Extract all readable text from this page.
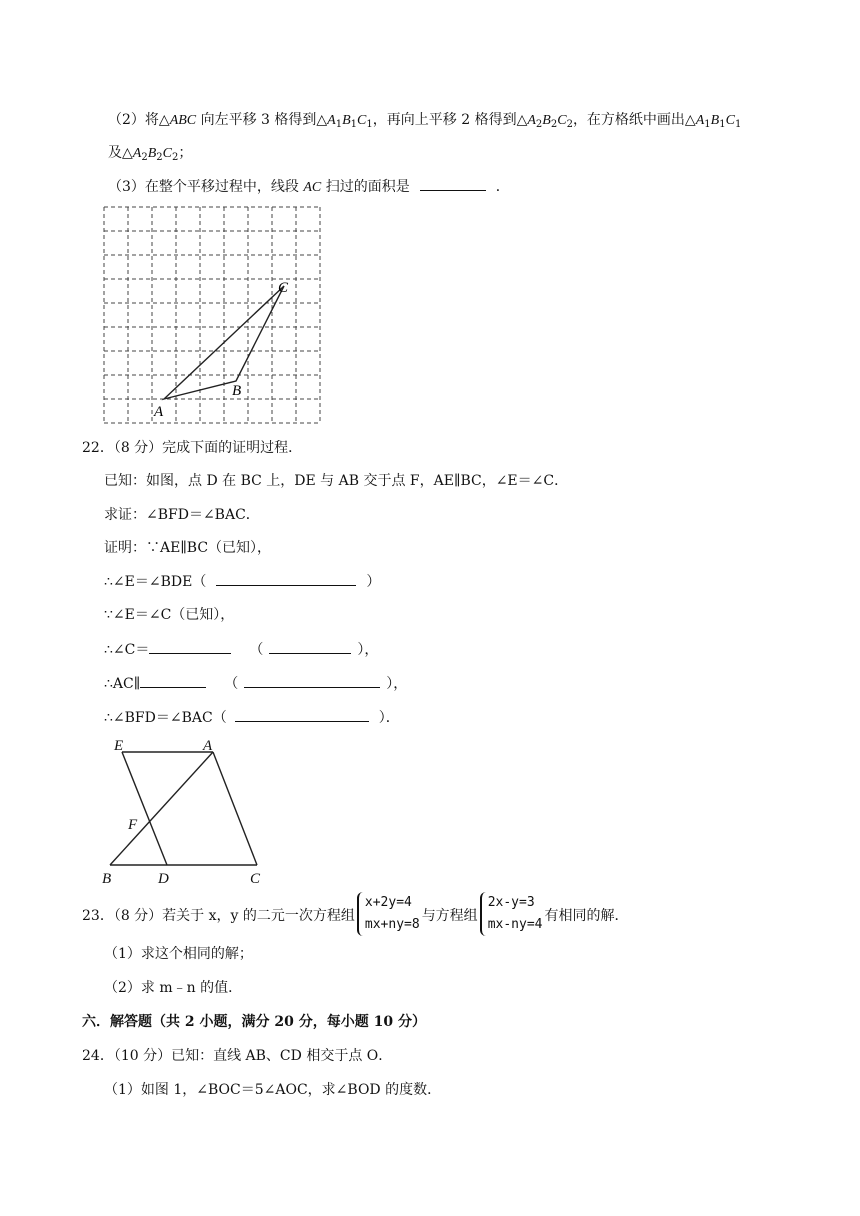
（2）将△ABC 向左平移 3 格得到$\triangle A_1B_1C_1$，再向上平移 2 格得到$\triangle A_2B_2C_2$，在方格纸中画出$\triangle A_1B_1C_1$
及$\triangle A_2B_2C_2$；
（3）在整个平移过程中，线段 AC 扫过的面积是	．
A
B
C
22．（8 分）完成下面的证明过程．
已知：如图，点 D 在 BC 上，DE 与 AB 交于点 F，AE∥BC，∠E＝∠C．
求证：∠BFD＝∠BAC．
证明：∵AE∥BC（已知），
∴∠E＝∠BDE（	）
∵∠E＝∠C（已知），
∴∠C＝	（	），
∴AC∥	（	），
∴∠BFD＝∠BAC（	）．
E	A
F
B	D	C
23．（8 分）若关于 x，y 的二元一次方程组
x+2y=4
mx+ny=8
与方程组
2x-y=3
mx-ny=4
有相同的解．
（1）求这个相同的解；
（2）求 m﹣n 的值．
六．解答题（共 2 小题，满分 20 分，每小题 10 分）
24．（10 分）已知：直线 AB、CD 相交于点 O．
（1）如图 1，∠BOC＝5∠AOC，求∠BOD 的度数．
